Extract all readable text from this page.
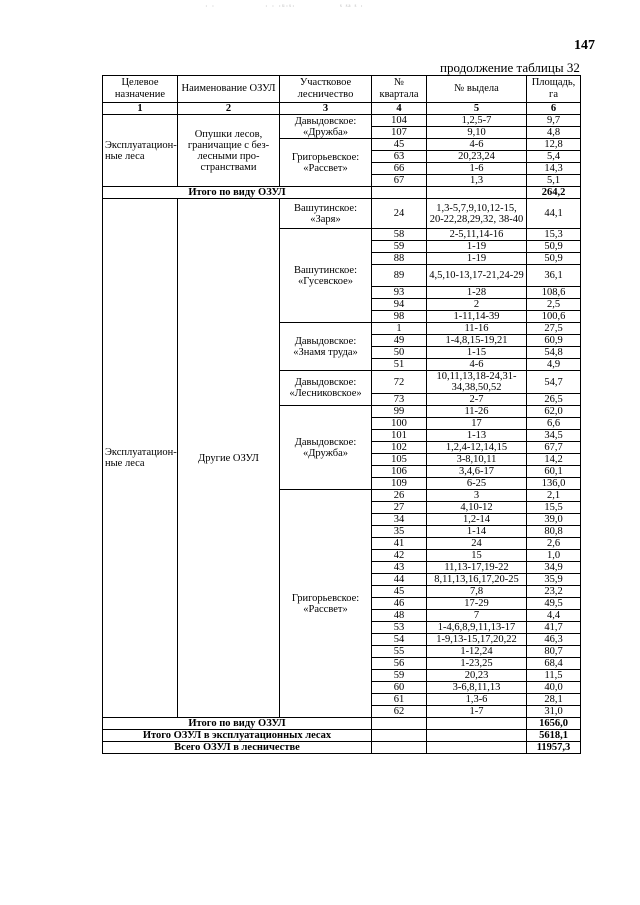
· ·	· · ·ᵘ·ˢ·	ˢ ˢᵃ ˢ ·
147
продолжение таблицы 32
Целевое назначение	Наименование ОЗУЛ	Участковое лесничество	№ квартала	№ выдела	Площадь, га
1	2	3	4	5	6
Эксплуатацион-ные леса	Опушки лесов, граничащие с без-лесными про-странствами	Давыдовское: «Дружба»	104	1,2,5-7	9,7
			107	9,10	4,8
		Григорьевское: «Рассвет»	45	4-6	12,8
			63	20,23,24	5,4
			66	1-6	14,3
			67	1,3	5,1
Итого по виду ОЗУЛ					264,2
Эксплуатацион-ные леса	Другие ОЗУЛ	Вашутинское: «Заря»	24	1,3-5,7,9,10,12-15, 20-22,28,29,32, 38-40	44,1
		Вашутинское: «Гусевское»	58	2-5,11,14-16	15,3
			59	1-19	50,9
			88	1-19	50,9
			89	4,5,10-13,17-21,24-29	36,1
			93	1-28	108,6
			94	2	2,5
			98	1-11,14-39	100,6
		Давыдовское: «Знамя труда»	1	11-16	27,5
			49	1-4,8,15-19,21	60,9
			50	1-15	54,8
			51	4-6	4,9
		Давыдовское: «Лесниковское»	72	10,11,13,18-24,31-34,38,50,52	54,7
			73	2-7	26,5
		Давыдовское: «Дружба»	99	11-26	62,0
			100	17	6,6
			101	1-13	34,5
			102	1,2,4-12,14,15	67,7
			105	3-8,10,11	14,2
			106	3,4,6-17	60,1
			109	6-25	136,0
		Григорьевское: «Рассвет»	26	3	2,1
			27	4,10-12	15,5
			34	1,2-14	39,0
			35	1-14	80,8
			41	24	2,6
			42	15	1,0
			43	11,13-17,19-22	34,9
			44	8,11,13,16,17,20-25	35,9
			45	7,8	23,2
			46	17-29	49,5
			48	7	4,4
			53	1-4,6,8,9,11,13-17	41,7
			54	1-9,13-15,17,20,22	46,3
			55	1-12,24	80,7
			56	1-23,25	68,4
			59	20,23	11,5
			60	3-6,8,11,13	40,0
			61	1,3-6	28,1
			62	1-7	31,0
Итого по виду ОЗУЛ					1656,0
Итого ОЗУЛ в эксплуатационных лесах					5618,1
Всего ОЗУЛ в лесничестве					11957,3
